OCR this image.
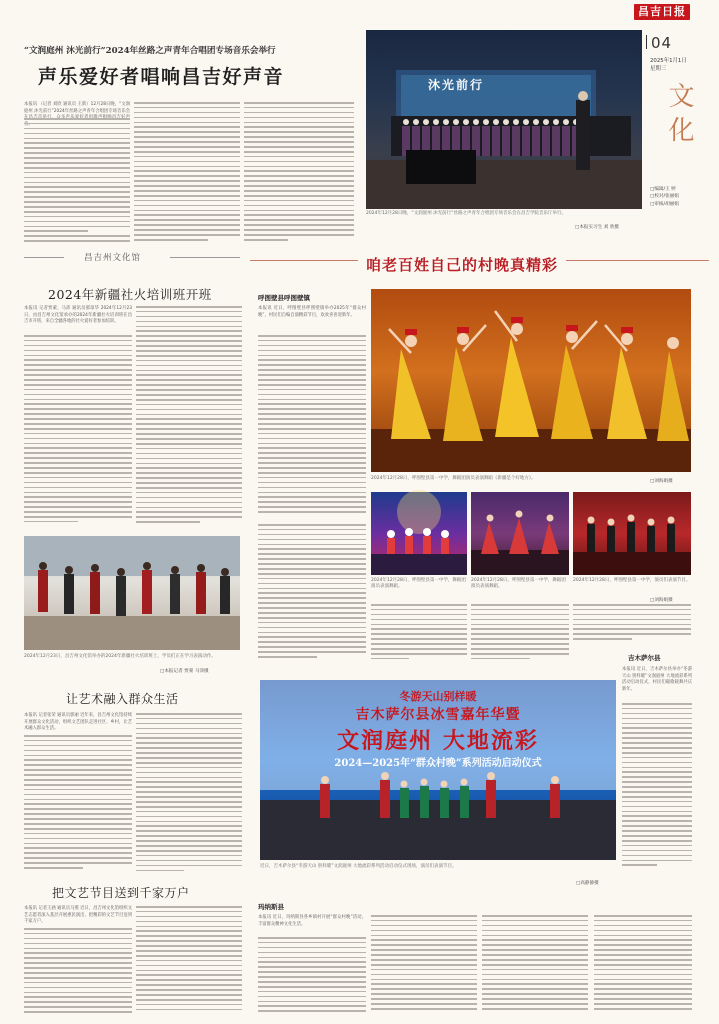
昌吉日报
04
2025年1月1日
星期三
文化
□编辑/王 婷
□校对/张丽娟
□审核/胡丽娟
“文润庭州 沐光前行”2024年丝路之声青年合唱团专场音乐会举行
声乐爱好者唱响昌吉好声音
本报讯 （记者 刘欣 通讯员 王新）12月28日晚，“文润庭州 沐光前行”2024年丝路之声青年合唱团专场音乐会
沐光前行
2024年12月28日晚，“文润庭州 沐光前行”丝路之声青年合唱团专场音乐会在昌吉学院音乐厅举行。
□本报实习生 刘 欣摄
昌吉州文化馆
2024年新疆社火培训班开班
本报讯 记者贾蒙、马沛 通讯员郝琼华 2024年12月23日，由昌吉州文化馆承办的2024年新疆社火培训班在昌吉市开班，来自全疆各地的社火爱好者参加培训。
2024年12月23日，昌吉州文化馆举办的2024年新疆社火培训班上，学员们正在学习表演动作。
□本报记者 贾蒙 马沛摄
让艺术融入群众生活
本报讯 记者张荣 通讯员郭丽 近年来，昌吉州文化馆持续开展群众文化活动，组织文艺团队走进社区、乡村，让艺术融入群众生活。
把文艺节目送到千家万户
本报讯 记者王涵 通讯员马燕 近日，昌吉州文化馆组织文艺志愿者深入基层开展惠民演出，把精彩的文艺节目送到千家万户。
咱老百姓自己的村晚真精彩
呼图壁县呼图壁镇
本报讯 近日，呼图壁县呼图壁镇举办2025年“群众村晚”，村民们自编自演精彩节目，欢欢喜喜迎新年。
2024年12月28日，呼图壁县第一中学，舞蹈团演员表演舞蹈《新疆是个好地方》。
□刘海娟摄
2024年12月28日，呼图壁县第一中学，舞蹈团演员表演舞蹈。
2024年12月28日，呼图壁县第一中学，舞蹈团演员表演舞蹈。
2024年12月28日，呼图壁县第一中学，演员们表演节目。
□刘海娟摄
吉木萨尔县
本报讯 近日，吉木萨尔县举办“冬游天山 别样暖”文润庭州 大地流彩系列活动启动仪式，村民们载歌载舞共庆新年。
冬游天山别样暖
吉木萨尔县冰雪嘉年华暨
文润庭州 大地流彩
2024—2025年“群众村晚”系列活动启动仪式
近日，吉木萨尔县“冬游天山 别样暖”文润庭州 大地流彩系列活动启动仪式现场，演员们表演节目。
□高静静摄
玛纳斯县
本报讯 近日，玛纳斯县各乡镇村开展“群众村晚”活动，丰富群众精神文化生活。
